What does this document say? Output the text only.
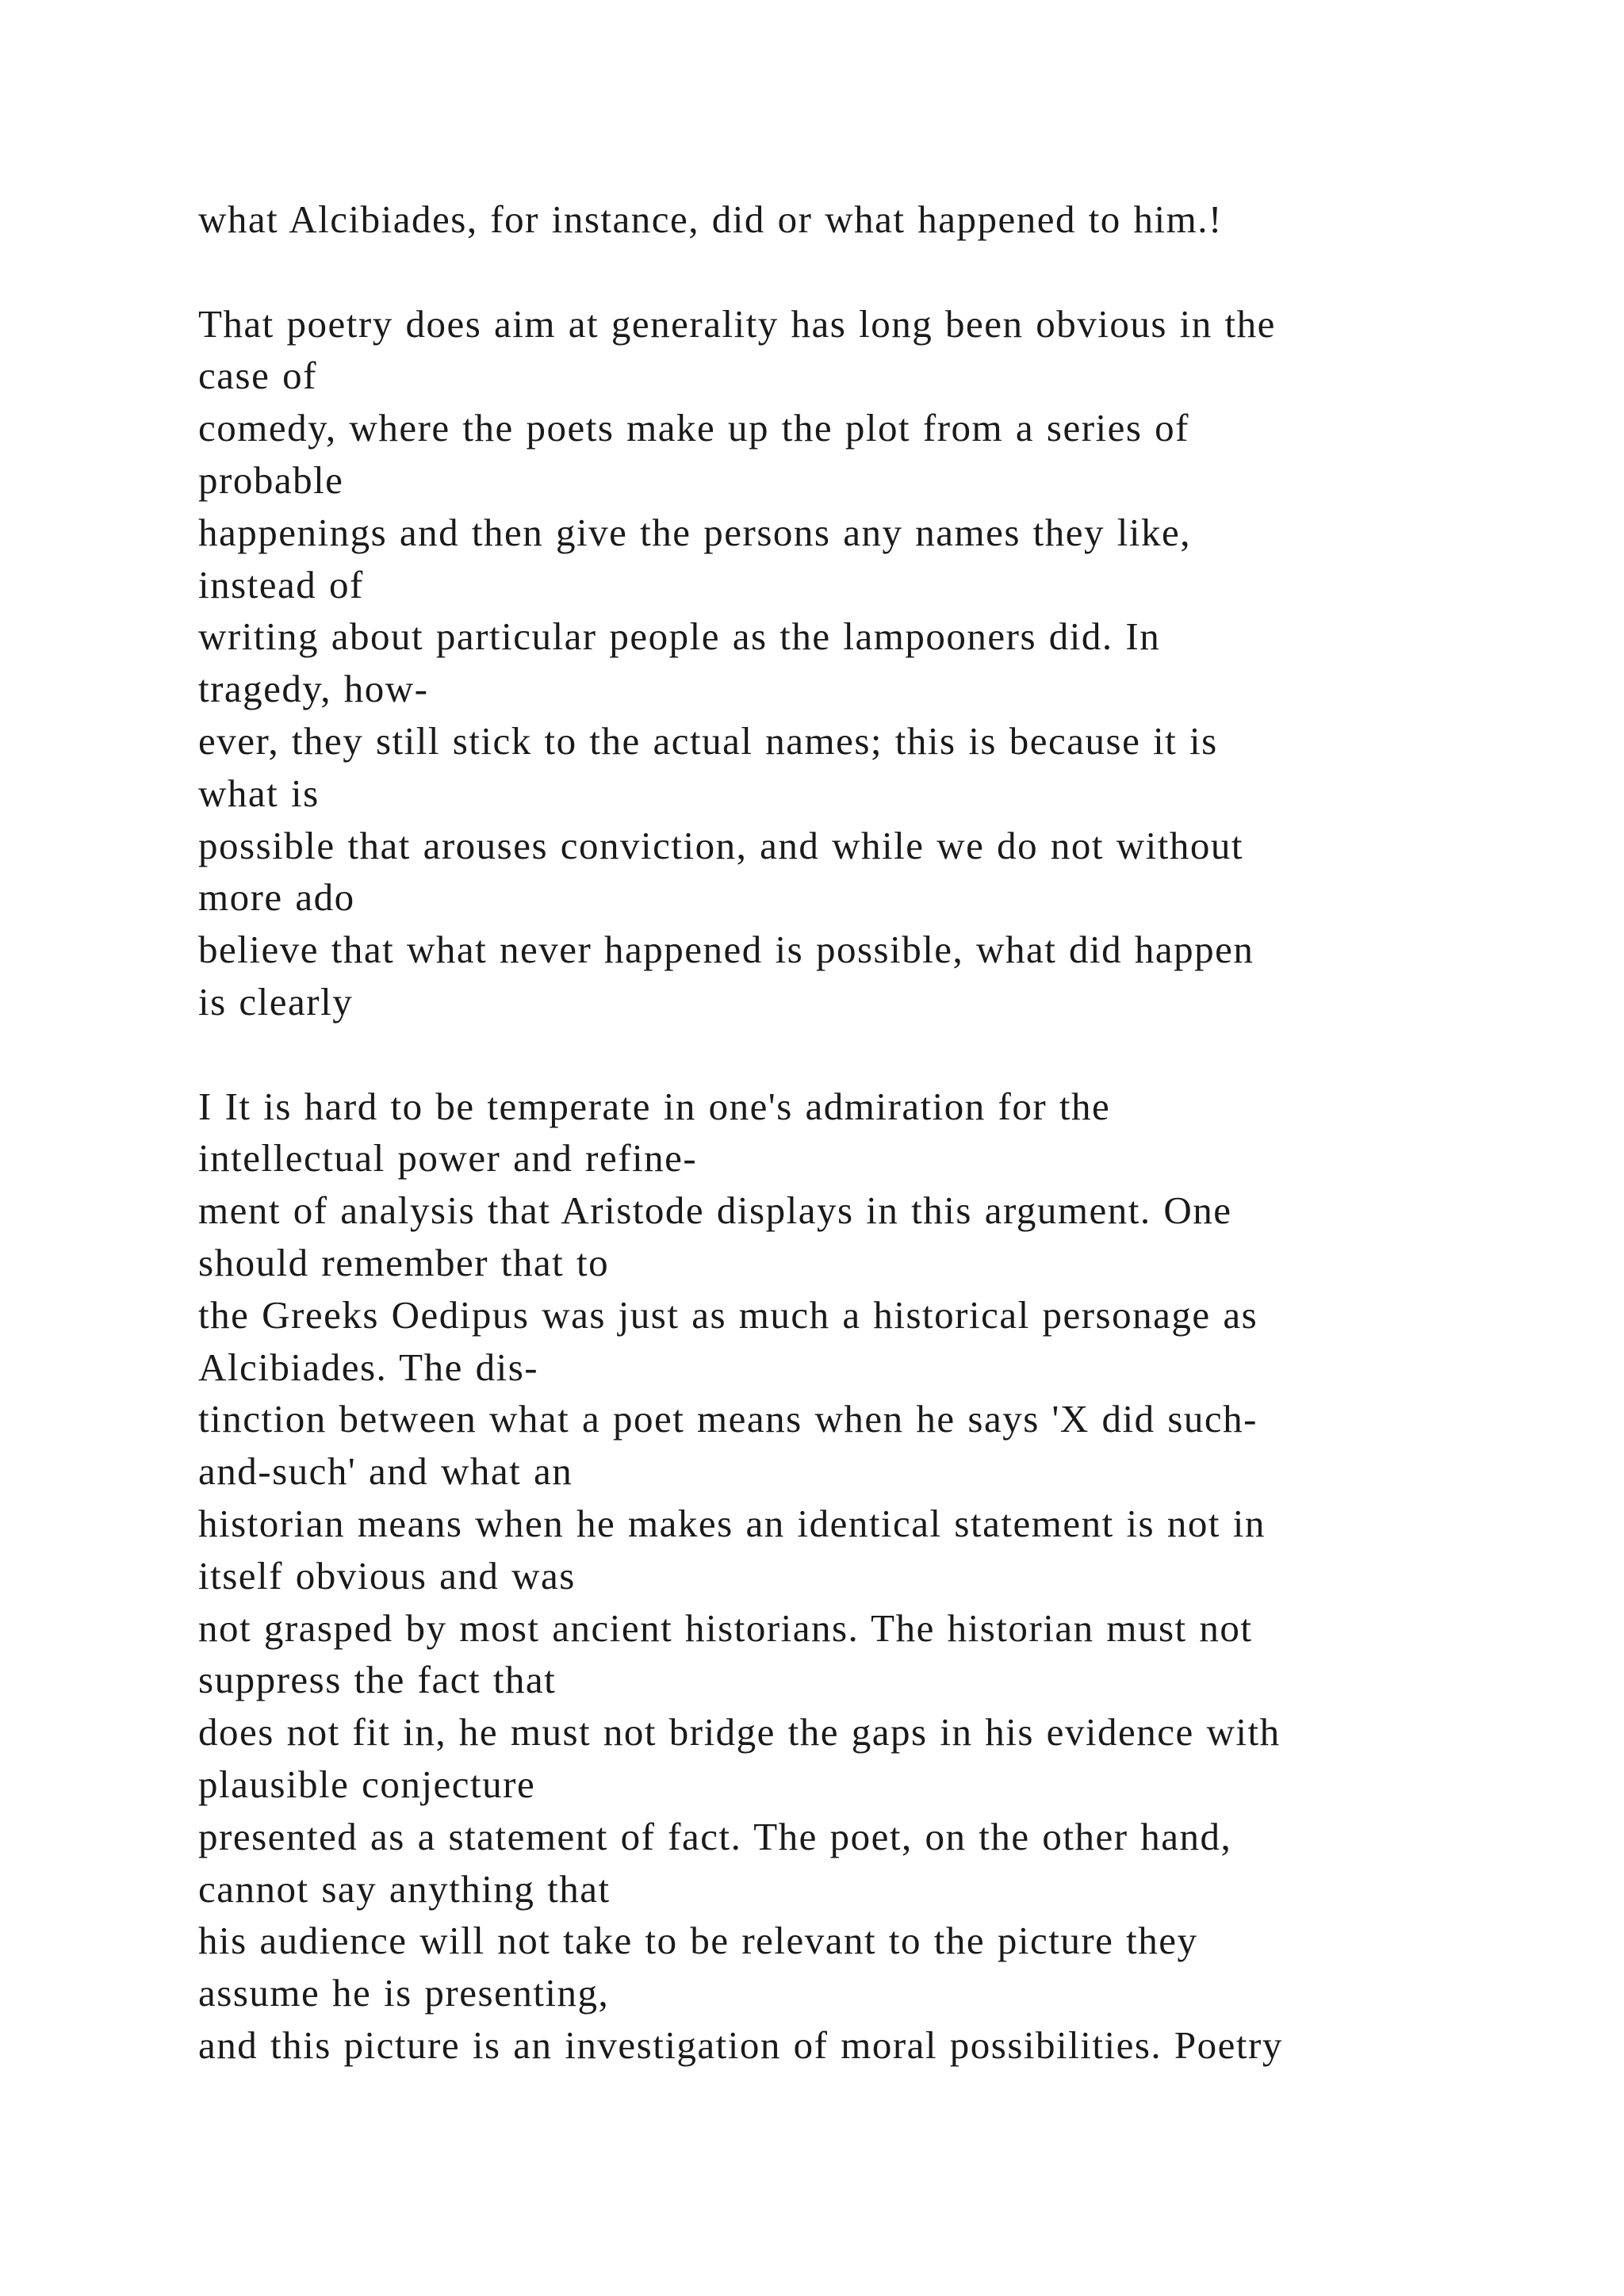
what Alcibiades, for instance, did or what happened to him.!
That poetry does aim at generality has long been obvious in the
case of
comedy, where the poets make up the plot from a series of
probable
happenings and then give the persons any names they like,
instead of
writing about particular people as the lampooners did. In
tragedy, how-
ever, they still stick to the actual names; this is because it is
what is
possible that arouses conviction, and while we do not without
more ado
believe that what never happened is possible, what did happen
is clearly
I It is hard to be temperate in one's admiration for the
intellectual power and refine-
ment of analysis that Aristode displays in this argument. One
should remember that to
the Greeks Oedipus was just as much a historical personage as
Alcibiades. The dis-
tinction between what a poet means when he says 'X did such-
and-such' and what an
historian means when he makes an identical statement is not in
itself obvious and was
not grasped by most ancient historians. The historian must not
suppress the fact that
does not fit in, he must not bridge the gaps in his evidence with
plausible conjecture
presented as a statement of fact. The poet, on the other hand,
cannot say anything that
his audience will not take to be relevant to the picture they
assume he is presenting,
and this picture is an investigation of moral possibilities. Poetry
